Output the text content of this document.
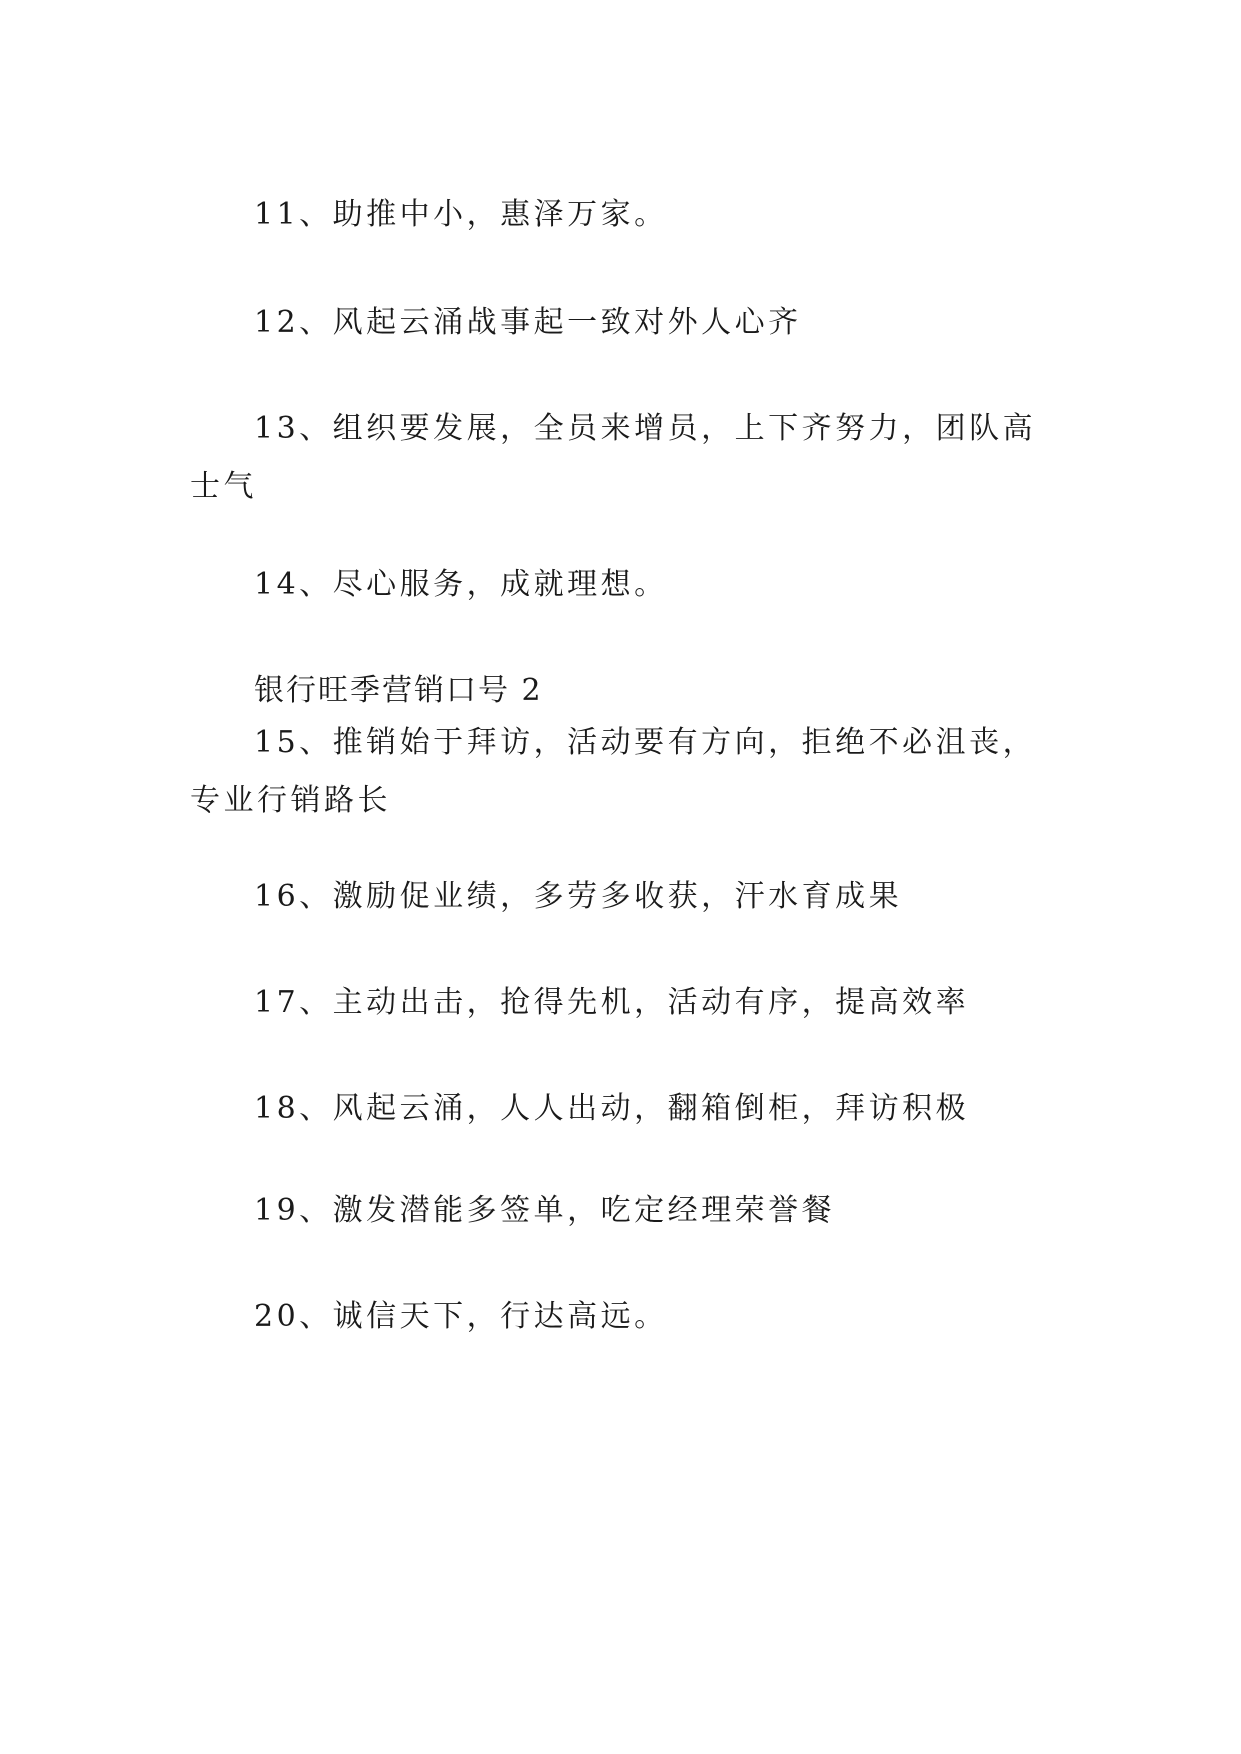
11、助推中小，惠泽万家。

12、风起云涌战事起一致对外人心齐

13、组织要发展，全员来增员，上下齐努力，团队高士气

14、尽心服务，成就理想。

银行旺季营销口号 2

15、推销始于拜访，活动要有方向，拒绝不必沮丧，专业行销路长

16、激励促业绩，多劳多收获，汗水育成果

17、主动出击，抢得先机，活动有序，提高效率

18、风起云涌，人人出动，翻箱倒柜，拜访积极

19、激发潜能多签单，吃定经理荣誉餐

20、诚信天下，行达高远。
